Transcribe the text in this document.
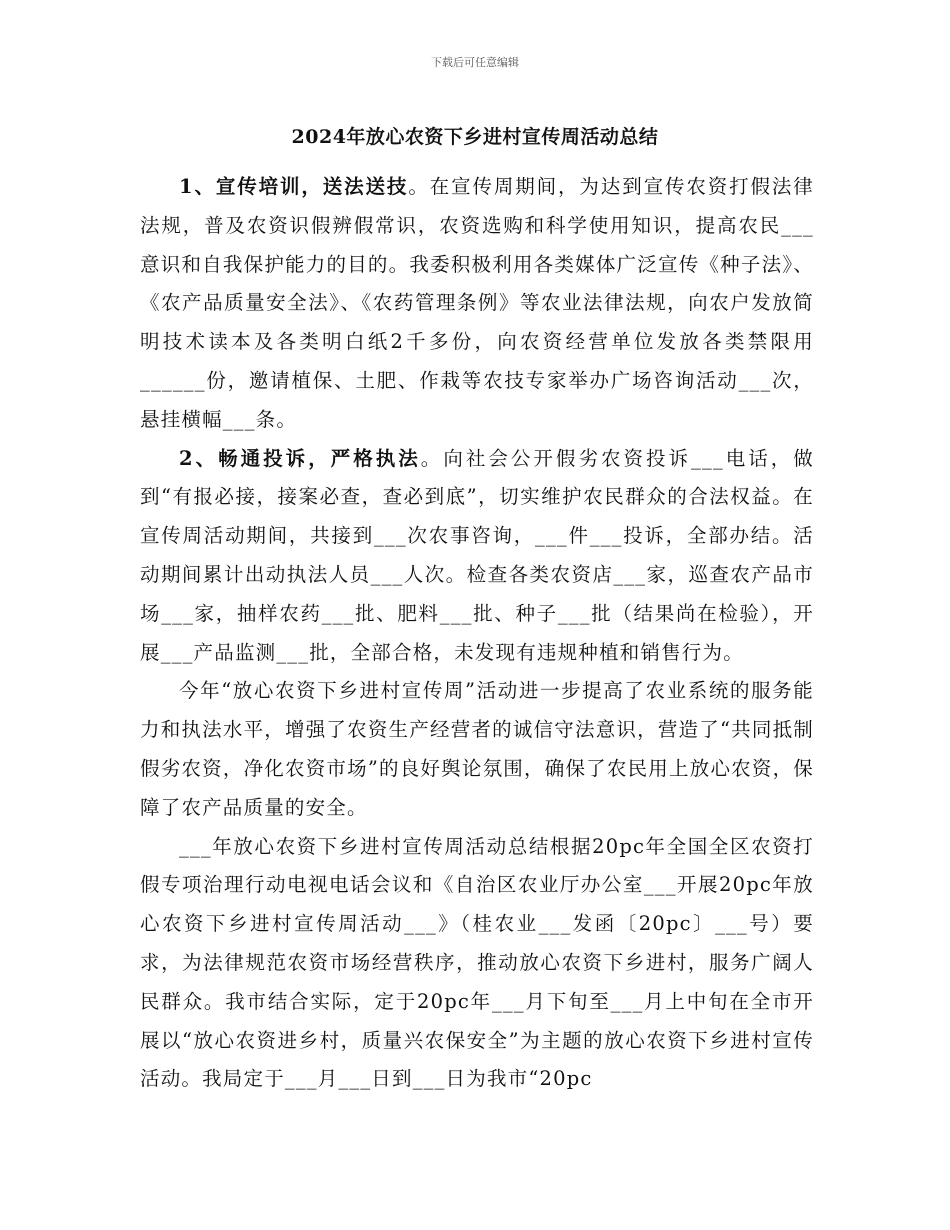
下载后可任意编辑
2024年放心农资下乡进村宣传周活动总结

1、宣传培训，送法送技。在宣传周期间，为达到宣传农资打假法律法规，普及农资识假辨假常识，农资选购和科学使用知识，提高农民___意识和自我保护能力的目的。我委积极利用各类媒体广泛宣传《种子法》、《农产品质量安全法》、《农药管理条例》等农业法律法规，向农户发放简明技术读本及各类明白纸2千多份，向农资经营单位发放各类禁限用______份，邀请植保、土肥、作栽等农技专家举办广场咨询活动___次，悬挂横幅___条。

2、畅通投诉，严格执法。向社会公开假劣农资投诉___电话，做到“有报必接，接案必查，查必到底”，切实维护农民群众的合法权益。在宣传周活动期间，共接到___次农事咨询，___件___投诉，全部办结。活动期间累计出动执法人员___人次。检查各类农资店___家，巡查农产品市场___家，抽样农药___批、肥料___批、种子___批（结果尚在检验），开展___产品监测___批，全部合格，未发现有违规种植和销售行为。

今年“放心农资下乡进村宣传周”活动进一步提高了农业系统的服务能力和执法水平，增强了农资生产经营者的诚信守法意识，营造了“共同抵制假劣农资，净化农资市场”的良好舆论氛围，确保了农民用上放心农资，保障了农产品质量的安全。

___年放心农资下乡进村宣传周活动总结根据20pc年全国全区农资打假专项治理行动电视电话会议和《自治区农业厅办公室___开展20pc年放心农资下乡进村宣传周活动___》（桂农业___发函〔20pc〕___号）要求，为法律规范农资市场经营秩序，推动放心农资下乡进村，服务广阔人民群众。我市结合实际，定于20pc年___月下旬至___月上中旬在全市开展以“放心农资进乡村，质量兴农保安全”为主题的放心农资下乡进村宣传活动。我局定于___月___日到___日为我市“20pc
